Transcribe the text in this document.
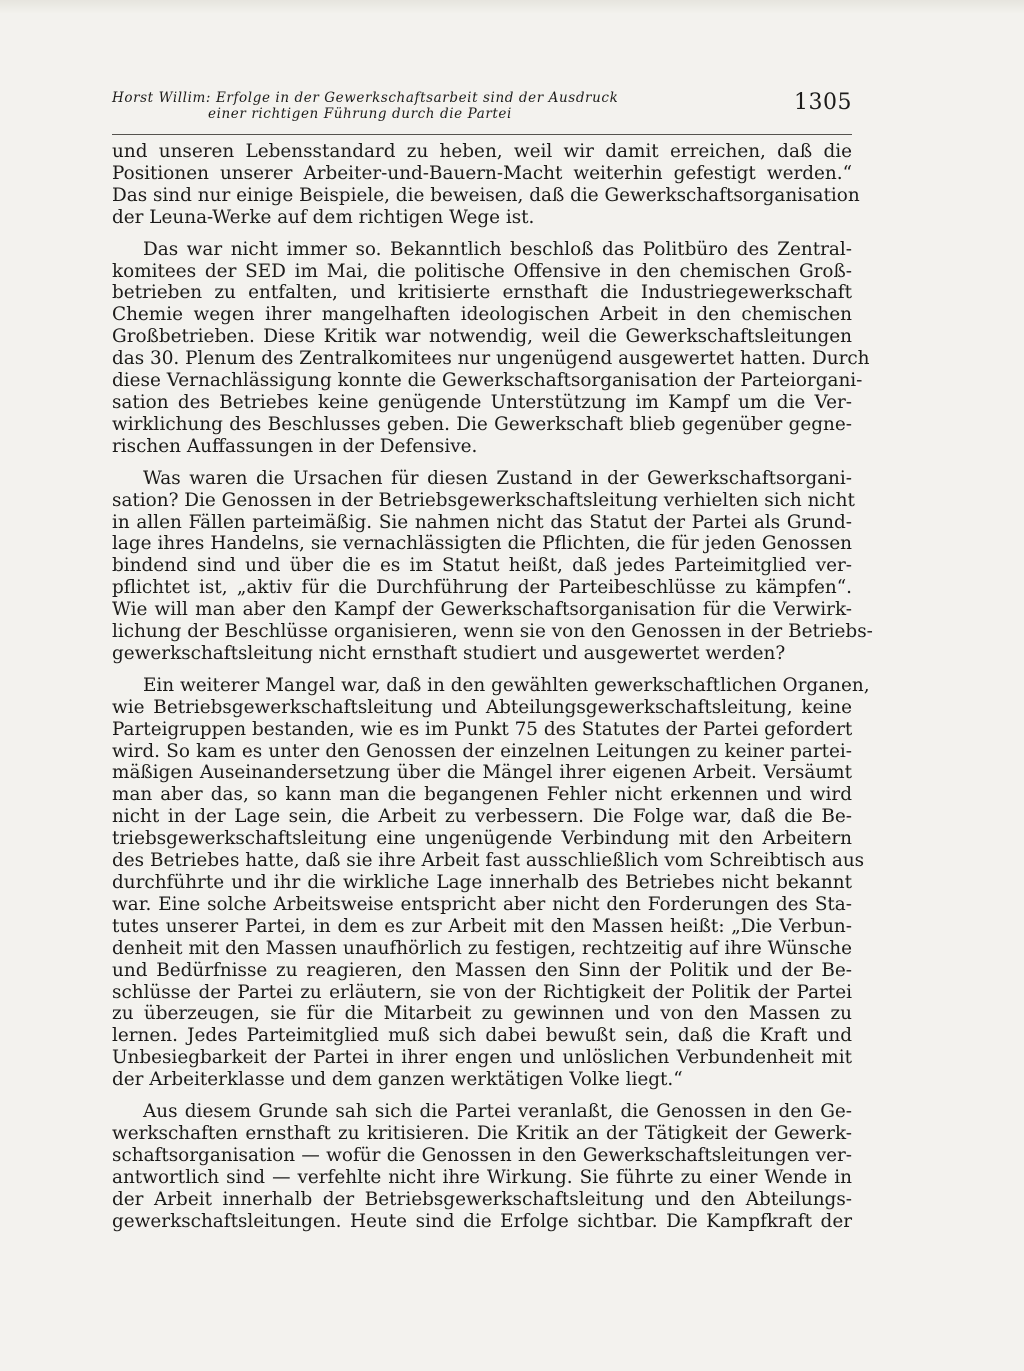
Horst Willim: Erfolge in der Gewerkschaftsarbeit sind der Ausdruck
einer richtigen Führung durch die Partei	1305
und unseren Lebensstandard zu heben, weil wir damit erreichen, daß die
Positionen unserer Arbeiter-und-Bauern-Macht weiterhin gefestigt werden.“
Das sind nur einige Beispiele, die beweisen, daß die Gewerkschaftsorganisation
der Leuna-Werke auf dem richtigen Wege ist.
Das war nicht immer so. Bekanntlich beschloß das Politbüro des Zentral-
komitees der SED im Mai, die politische Offensive in den chemischen Groß-
betrieben zu entfalten, und kritisierte ernsthaft die Industriegewerkschaft
Chemie wegen ihrer mangelhaften ideologischen Arbeit in den chemischen
Großbetrieben. Diese Kritik war notwendig, weil die Gewerkschaftsleitungen
das 30. Plenum des Zentralkomitees nur ungenügend ausgewertet hatten. Durch
diese Vernachlässigung konnte die Gewerkschaftsorganisation der Parteiorgani-
sation des Betriebes keine genügende Unterstützung im Kampf um die Ver-
wirklichung des Beschlusses geben. Die Gewerkschaft blieb gegenüber gegne-
rischen Auffassungen in der Defensive.
Was waren die Ursachen für diesen Zustand in der Gewerkschaftsorgani-
sation? Die Genossen in der Betriebsgewerkschaftsleitung verhielten sich nicht
in allen Fällen parteimäßig. Sie nahmen nicht das Statut der Partei als Grund-
lage ihres Handelns, sie vernachlässigten die Pflichten, die für jeden Genossen
bindend sind und über die es im Statut heißt, daß jedes Parteimitglied ver-
pflichtet ist, „aktiv für die Durchführung der Parteibeschlüsse zu kämpfen“.
Wie will man aber den Kampf der Gewerkschaftsorganisation für die Verwirk-
lichung der Beschlüsse organisieren, wenn sie von den Genossen in der Betriebs-
gewerkschaftsleitung nicht ernsthaft studiert und ausgewertet werden?
Ein weiterer Mangel war, daß in den gewählten gewerkschaftlichen Organen,
wie Betriebsgewerkschaftsleitung und Abteilungsgewerkschaftsleitung, keine
Parteigruppen bestanden, wie es im Punkt 75 des Statutes der Partei gefordert
wird. So kam es unter den Genossen der einzelnen Leitungen zu keiner partei-
mäßigen Auseinandersetzung über die Mängel ihrer eigenen Arbeit. Versäumt
man aber das, so kann man die begangenen Fehler nicht erkennen und wird
nicht in der Lage sein, die Arbeit zu verbessern. Die Folge war, daß die Be-
triebsgewerkschaftsleitung eine ungenügende Verbindung mit den Arbeitern
des Betriebes hatte, daß sie ihre Arbeit fast ausschließlich vom Schreibtisch aus
durchführte und ihr die wirkliche Lage innerhalb des Betriebes nicht bekannt
war. Eine solche Arbeitsweise entspricht aber nicht den Forderungen des Sta-
tutes unserer Partei, in dem es zur Arbeit mit den Massen heißt: „Die Verbun-
denheit mit den Massen unaufhörlich zu festigen, rechtzeitig auf ihre Wünsche
und Bedürfnisse zu reagieren, den Massen den Sinn der Politik und der Be-
schlüsse der Partei zu erläutern, sie von der Richtigkeit der Politik der Partei
zu überzeugen, sie für die Mitarbeit zu gewinnen und von den Massen zu
lernen. Jedes Parteimitglied muß sich dabei bewußt sein, daß die Kraft und
Unbesiegbarkeit der Partei in ihrer engen und unlöslichen Verbundenheit mit
der Arbeiterklasse und dem ganzen werktätigen Volke liegt.“
Aus diesem Grunde sah sich die Partei veranlaßt, die Genossen in den Ge-
werkschaften ernsthaft zu kritisieren. Die Kritik an der Tätigkeit der Gewerk-
schaftsorganisation — wofür die Genossen in den Gewerkschaftsleitungen ver-
antwortlich sind — verfehlte nicht ihre Wirkung. Sie führte zu einer Wende in
der Arbeit innerhalb der Betriebsgewerkschaftsleitung und den Abteilungs-
gewerkschaftsleitungen. Heute sind die Erfolge sichtbar. Die Kampfkraft der
